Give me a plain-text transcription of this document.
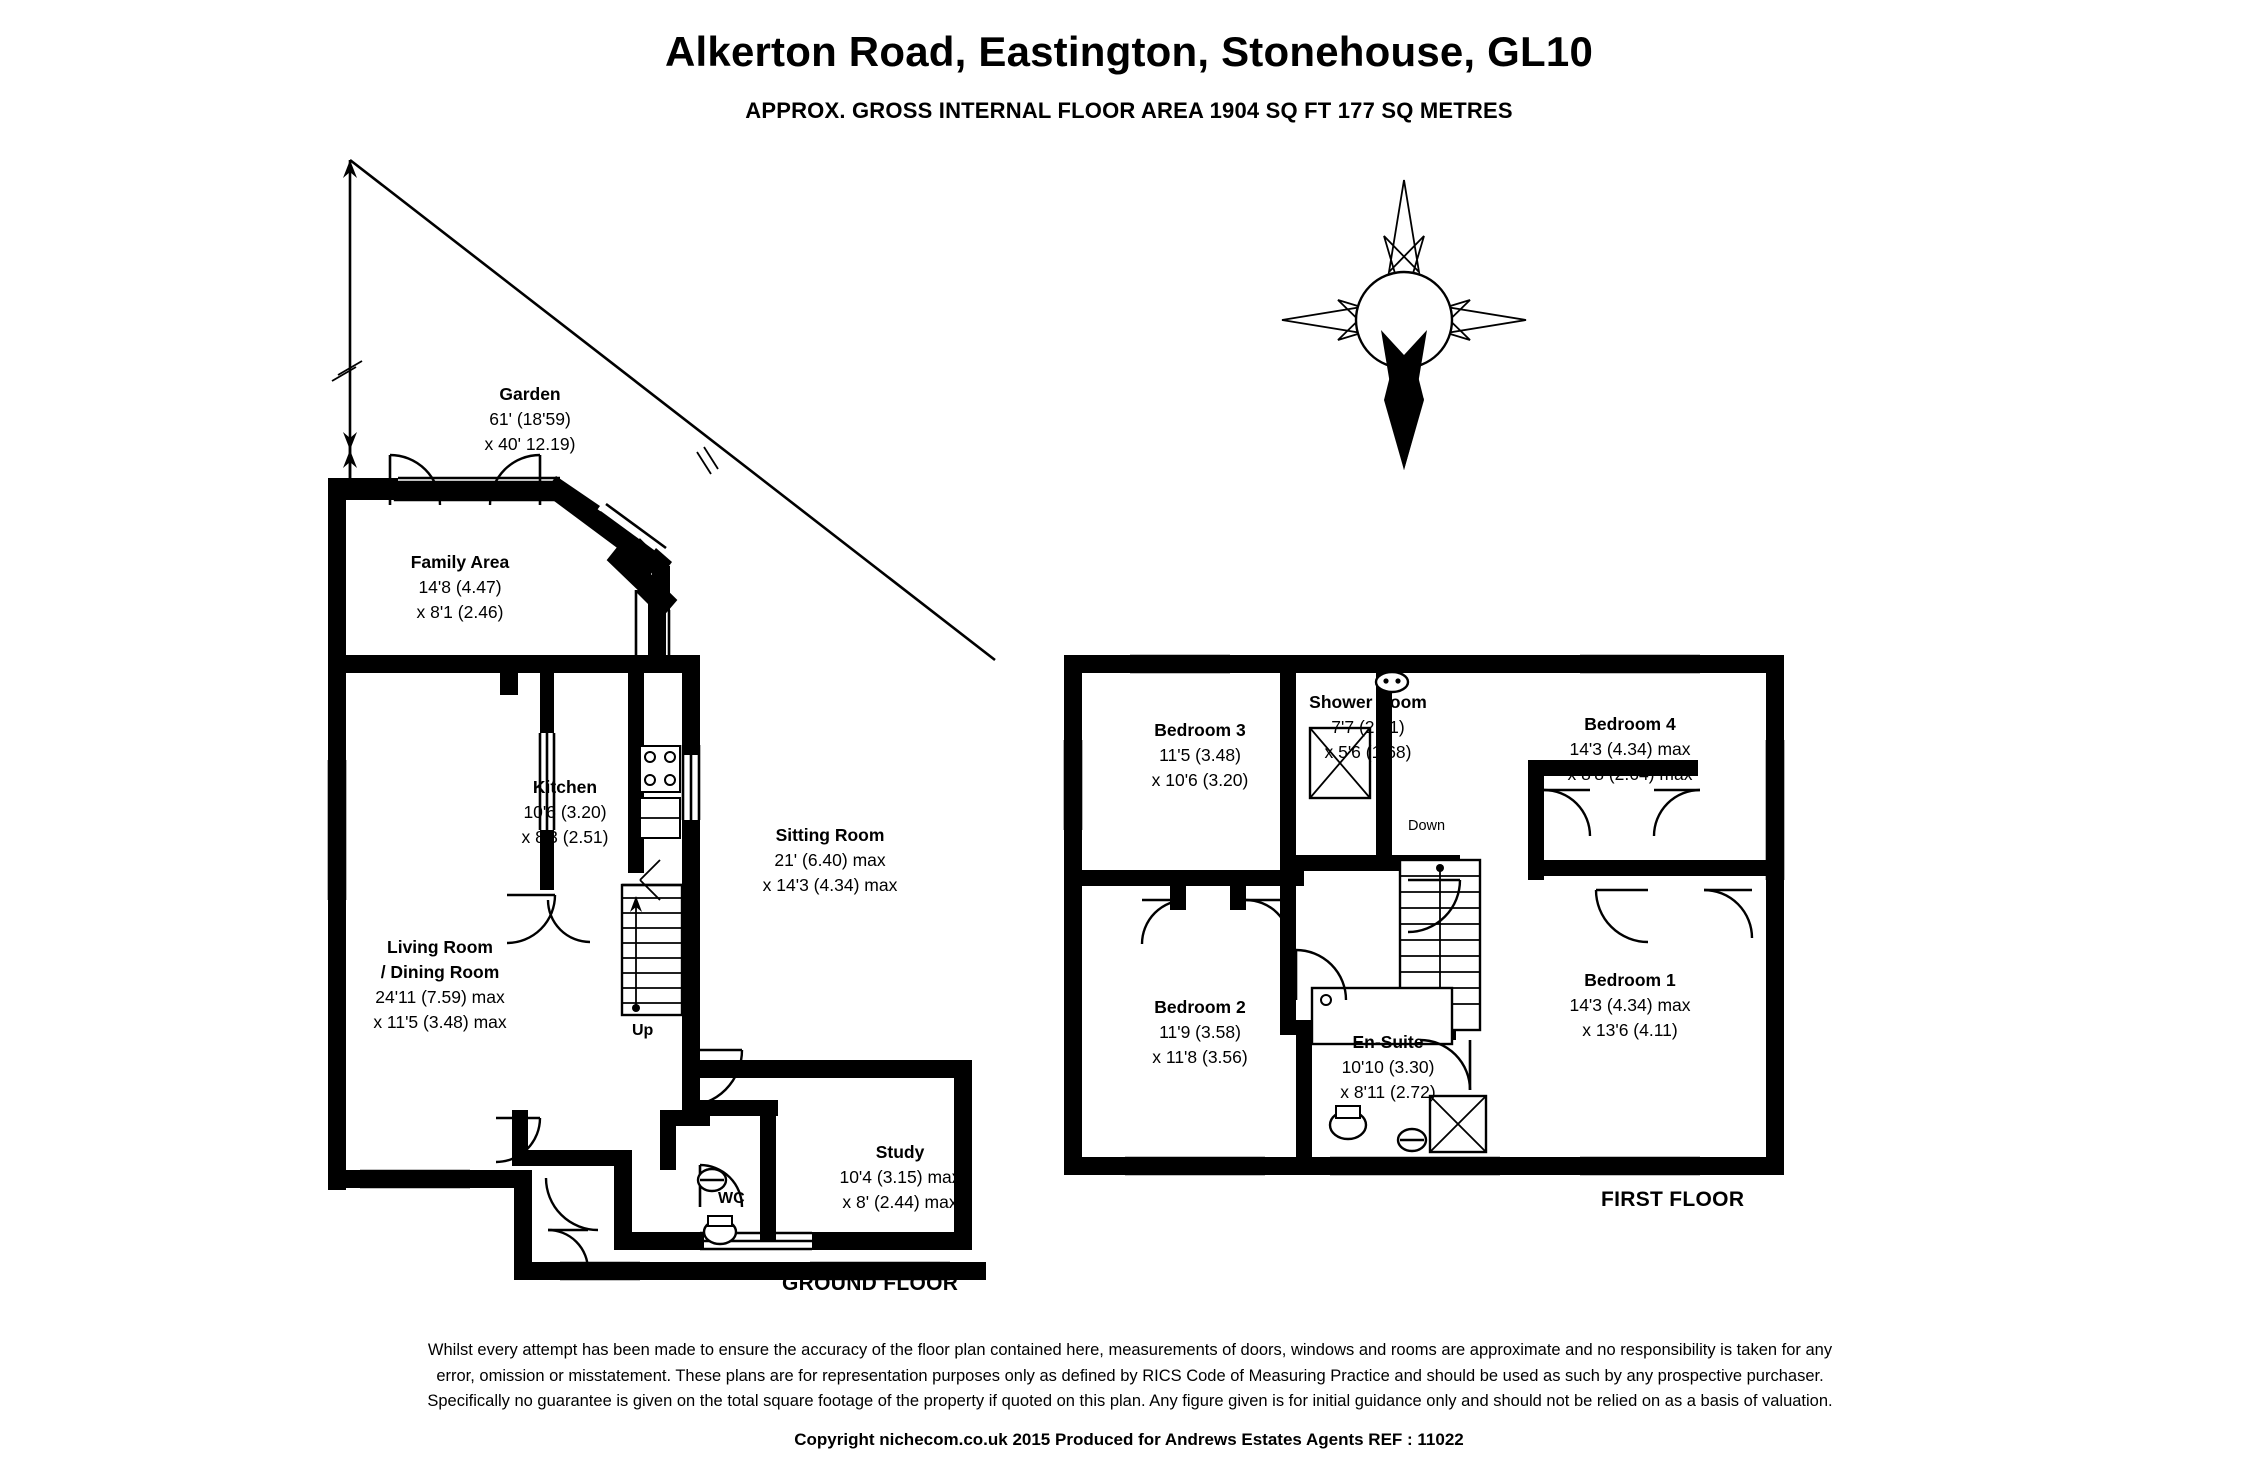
Alkerton Road, Eastington, Stonehouse, GL10
APPROX. GROSS INTERNAL FLOOR AREA 1904 SQ FT 177 SQ METRES
N
Garden
61' (18'59)
x 40' 12.19)
Family Area
14'8 (4.47)
x 8'1 (2.46)
Kitchen
10'6 (3.20)
x 8'3 (2.51)
Living Room
/ Dining Room
24'11 (7.59) max
x 11'5 (3.48) max
Sitting Room
21' (6.40) max
x 14'3 (4.34) max
Study
10'4 (3.15) max
x 8' (2.44) max
WC
Up
GROUND FLOOR
Bedroom 3
11'5 (3.48)
x 10'6 (3.20)
Shower Room
7'7 (2.31)
x 5'6 (1.68)
Bedroom 4
14'3 (4.34) max
x 8'8 (2.64) max
Bedroom 2
11'9 (3.58)
x 11'8 (3.56)
En-Suite
10'10 (3.30)
x 8'11 (2.72)
Bedroom 1
14'3 (4.34) max
x 13'6 (4.11)
Down
FIRST FLOOR
Whilst every attempt has been made to ensure the accuracy of the floor plan contained here, measurements of doors, windows and rooms are approximate and no responsibility is taken for any
error, omission or misstatement. These plans are for representation purposes only as defined by RICS Code of Measuring Practice and should be used as such by any prospective purchaser.
Specifically no guarantee is given on the total square footage of the property if quoted on this plan. Any figure given is for initial guidance only and should not be relied on as a basis of valuation.
Copyright nichecom.co.uk 2015 Produced for Andrews Estates Agents REF : 11022
